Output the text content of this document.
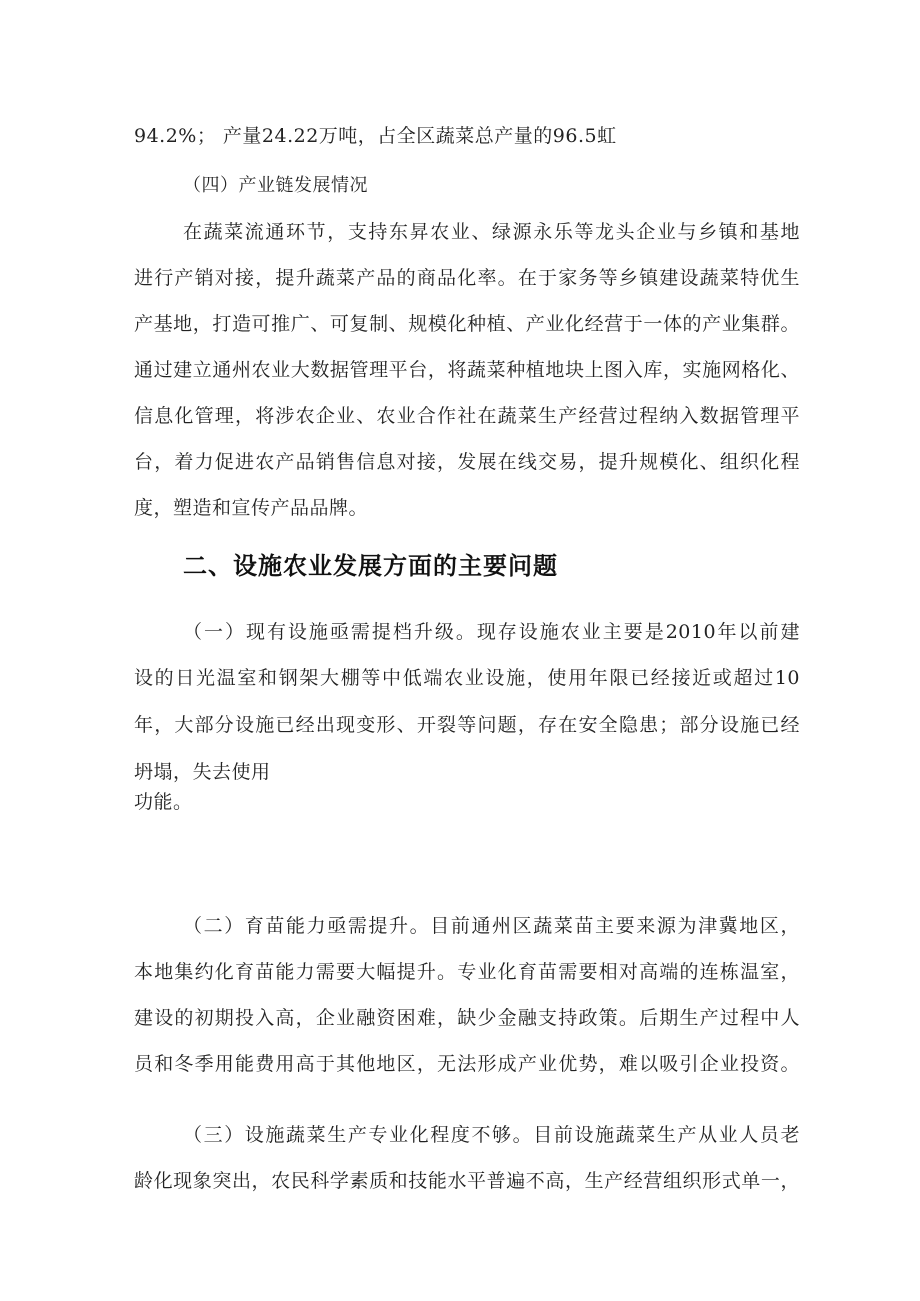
94.2%； 产量24.22万吨，占全区蔬菜总产量的96.5虹
（四）产业链发展情况
在蔬菜流通环节，支持东昇农业、绿源永乐等龙头企业与乡镇和基地
进行产销对接，提升蔬菜产品的商品化率。在于家务等乡镇建设蔬菜特优生
产基地，打造可推广、可复制、规模化种植、产业化经营于一体的产业集群。
通过建立通州农业大数据管理平台，将蔬菜种植地块上图入库，实施网格化、
信息化管理，将涉农企业、农业合作社在蔬菜生产经营过程纳入数据管理平
台，着力促进农产品销售信息对接，发展在线交易，提升规模化、组织化程
度，塑造和宣传产品品牌。
二、设施农业发展方面的主要问题
（一）现有设施亟需提档升级。现存设施农业主要是2010年以前建
设的日光温室和钢架大棚等中低端农业设施，使用年限已经接近或超过10
年，大部分设施已经出现变形、开裂等问题，存在安全隐患；部分设施已经
坍塌，失去使用
功能。
（二）育苗能力亟需提升。目前通州区蔬菜苗主要来源为津冀地区，
本地集约化育苗能力需要大幅提升。专业化育苗需要相对高端的连栋温室，
建设的初期投入高，企业融资困难，缺少金融支持政策。后期生产过程中人
员和冬季用能费用高于其他地区，无法形成产业优势，难以吸引企业投资。
（三）设施蔬菜生产专业化程度不够。目前设施蔬菜生产从业人员老
龄化现象突出，农民科学素质和技能水平普遍不高，生产经营组织形式单一，
